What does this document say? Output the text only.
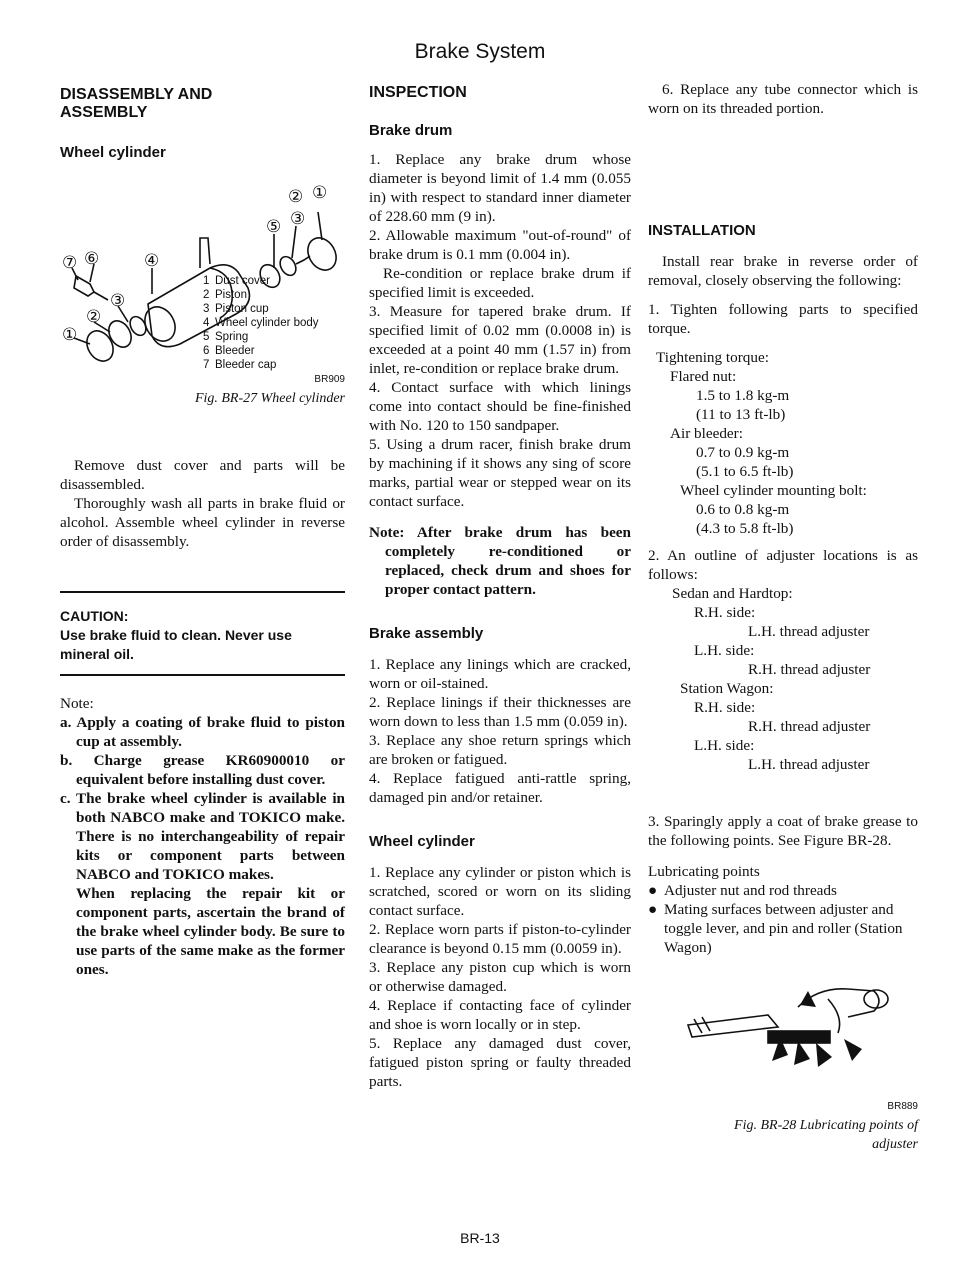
Brake System
DISASSEMBLY AND
ASSEMBLY
Wheel cylinder
⑦ ⑥	④
⑤ ③
② ①
①
②
③
1 Dust cover
2 Piston
3 Piston cup
4 Wheel cylinder body
5 Spring
6 Bleeder
7 Bleeder cap
BR909
Fig. BR-27 Wheel cylinder

Remove dust cover and parts will be disassembled.

Thoroughly wash all parts in brake fluid or alcohol. Assemble wheel cylinder in reverse order of disassembly.

CAUTION:
Use brake fluid to clean. Never use mineral oil.

Note:

a. Apply a coating of brake fluid to piston cup at assembly.

b. Charge grease KR60900010 or equivalent before installing dust cover.

c. The brake wheel cylinder is available in both NABCO make and TOKICO make. There is no interchangeability of repair kits or component parts between NABCO and TOKICO makes.

When replacing the repair kit or component parts, ascertain the brand of the brake wheel cylinder body. Be sure to use parts of the same make as the former ones.

INSPECTION
Brake drum

1. Replace any brake drum whose diameter is beyond limit of 1.4 mm (0.055 in) with respect to standard inner diameter of 228.60 mm (9 in).

2. Allowable maximum "out-of-round" of brake drum is 0.1 mm (0.004 in).

Re-condition or replace brake drum if specified limit is exceeded.

3. Measure for tapered brake drum. If specified limit of 0.02 mm (0.0008 in) is exceeded at a point 40 mm (1.57 in) from inlet, re-condition or replace brake drum.

4. Contact surface with which linings come into contact should be fine-finished with No. 120 to 150 sandpaper.

5. Using a drum racer, finish brake drum by machining if it shows any sing of score marks, partial wear or stepped wear on its contact surface.

Note: After brake drum has been completely re-conditioned or replaced, check drum and shoes for proper contact pattern.

Brake assembly

1. Replace any linings which are cracked, worn or oil-stained.

2. Replace linings if their thicknesses are worn down to less than 1.5 mm (0.059 in).

3. Replace any shoe return springs which are broken or fatigued.

4. Replace fatigued anti-rattle spring, damaged pin and/or retainer.

Wheel cylinder

1. Replace any cylinder or piston which is scratched, scored or worn on its sliding contact surface.

2. Replace worn parts if piston-to-cylinder clearance is beyond 0.15 mm (0.0059 in).

3. Replace any piston cup which is worn or otherwise damaged.

4. Replace if contacting face of cylinder and shoe is worn locally or in step.

5. Replace any damaged dust cover, fatigued piston spring or faulty threaded parts.

6. Replace any tube connector which is worn on its threaded portion.

INSTALLATION

Install rear brake in reverse order of removal, closely observing the following:

1. Tighten following parts to specified torque.

Tightening torque:
Flared nut:
1.5 to 1.8 kg-m
(11 to 13 ft-lb)
Air bleeder:
0.7 to 0.9 kg-m
(5.1 to 6.5 ft-lb)
Wheel cylinder mounting bolt:
0.6 to 0.8 kg-m
(4.3 to 5.8 ft-lb)

2. An outline of adjuster locations is as follows:

Sedan and Hardtop:
R.H. side:
L.H. thread adjuster
L.H. side:
R.H. thread adjuster
Station Wagon:
R.H. side:
R.H. thread adjuster
L.H. side:
L.H. thread adjuster

3. Sparingly apply a coat of brake grease to the following points. See Figure BR-28.

Lubricating points
● Adjuster nut and rod threads
● Mating surfaces between adjuster and toggle lever, and pin and roller (Station Wagon)
BR889
Fig. BR-28 Lubricating points of
adjuster
BR-13
